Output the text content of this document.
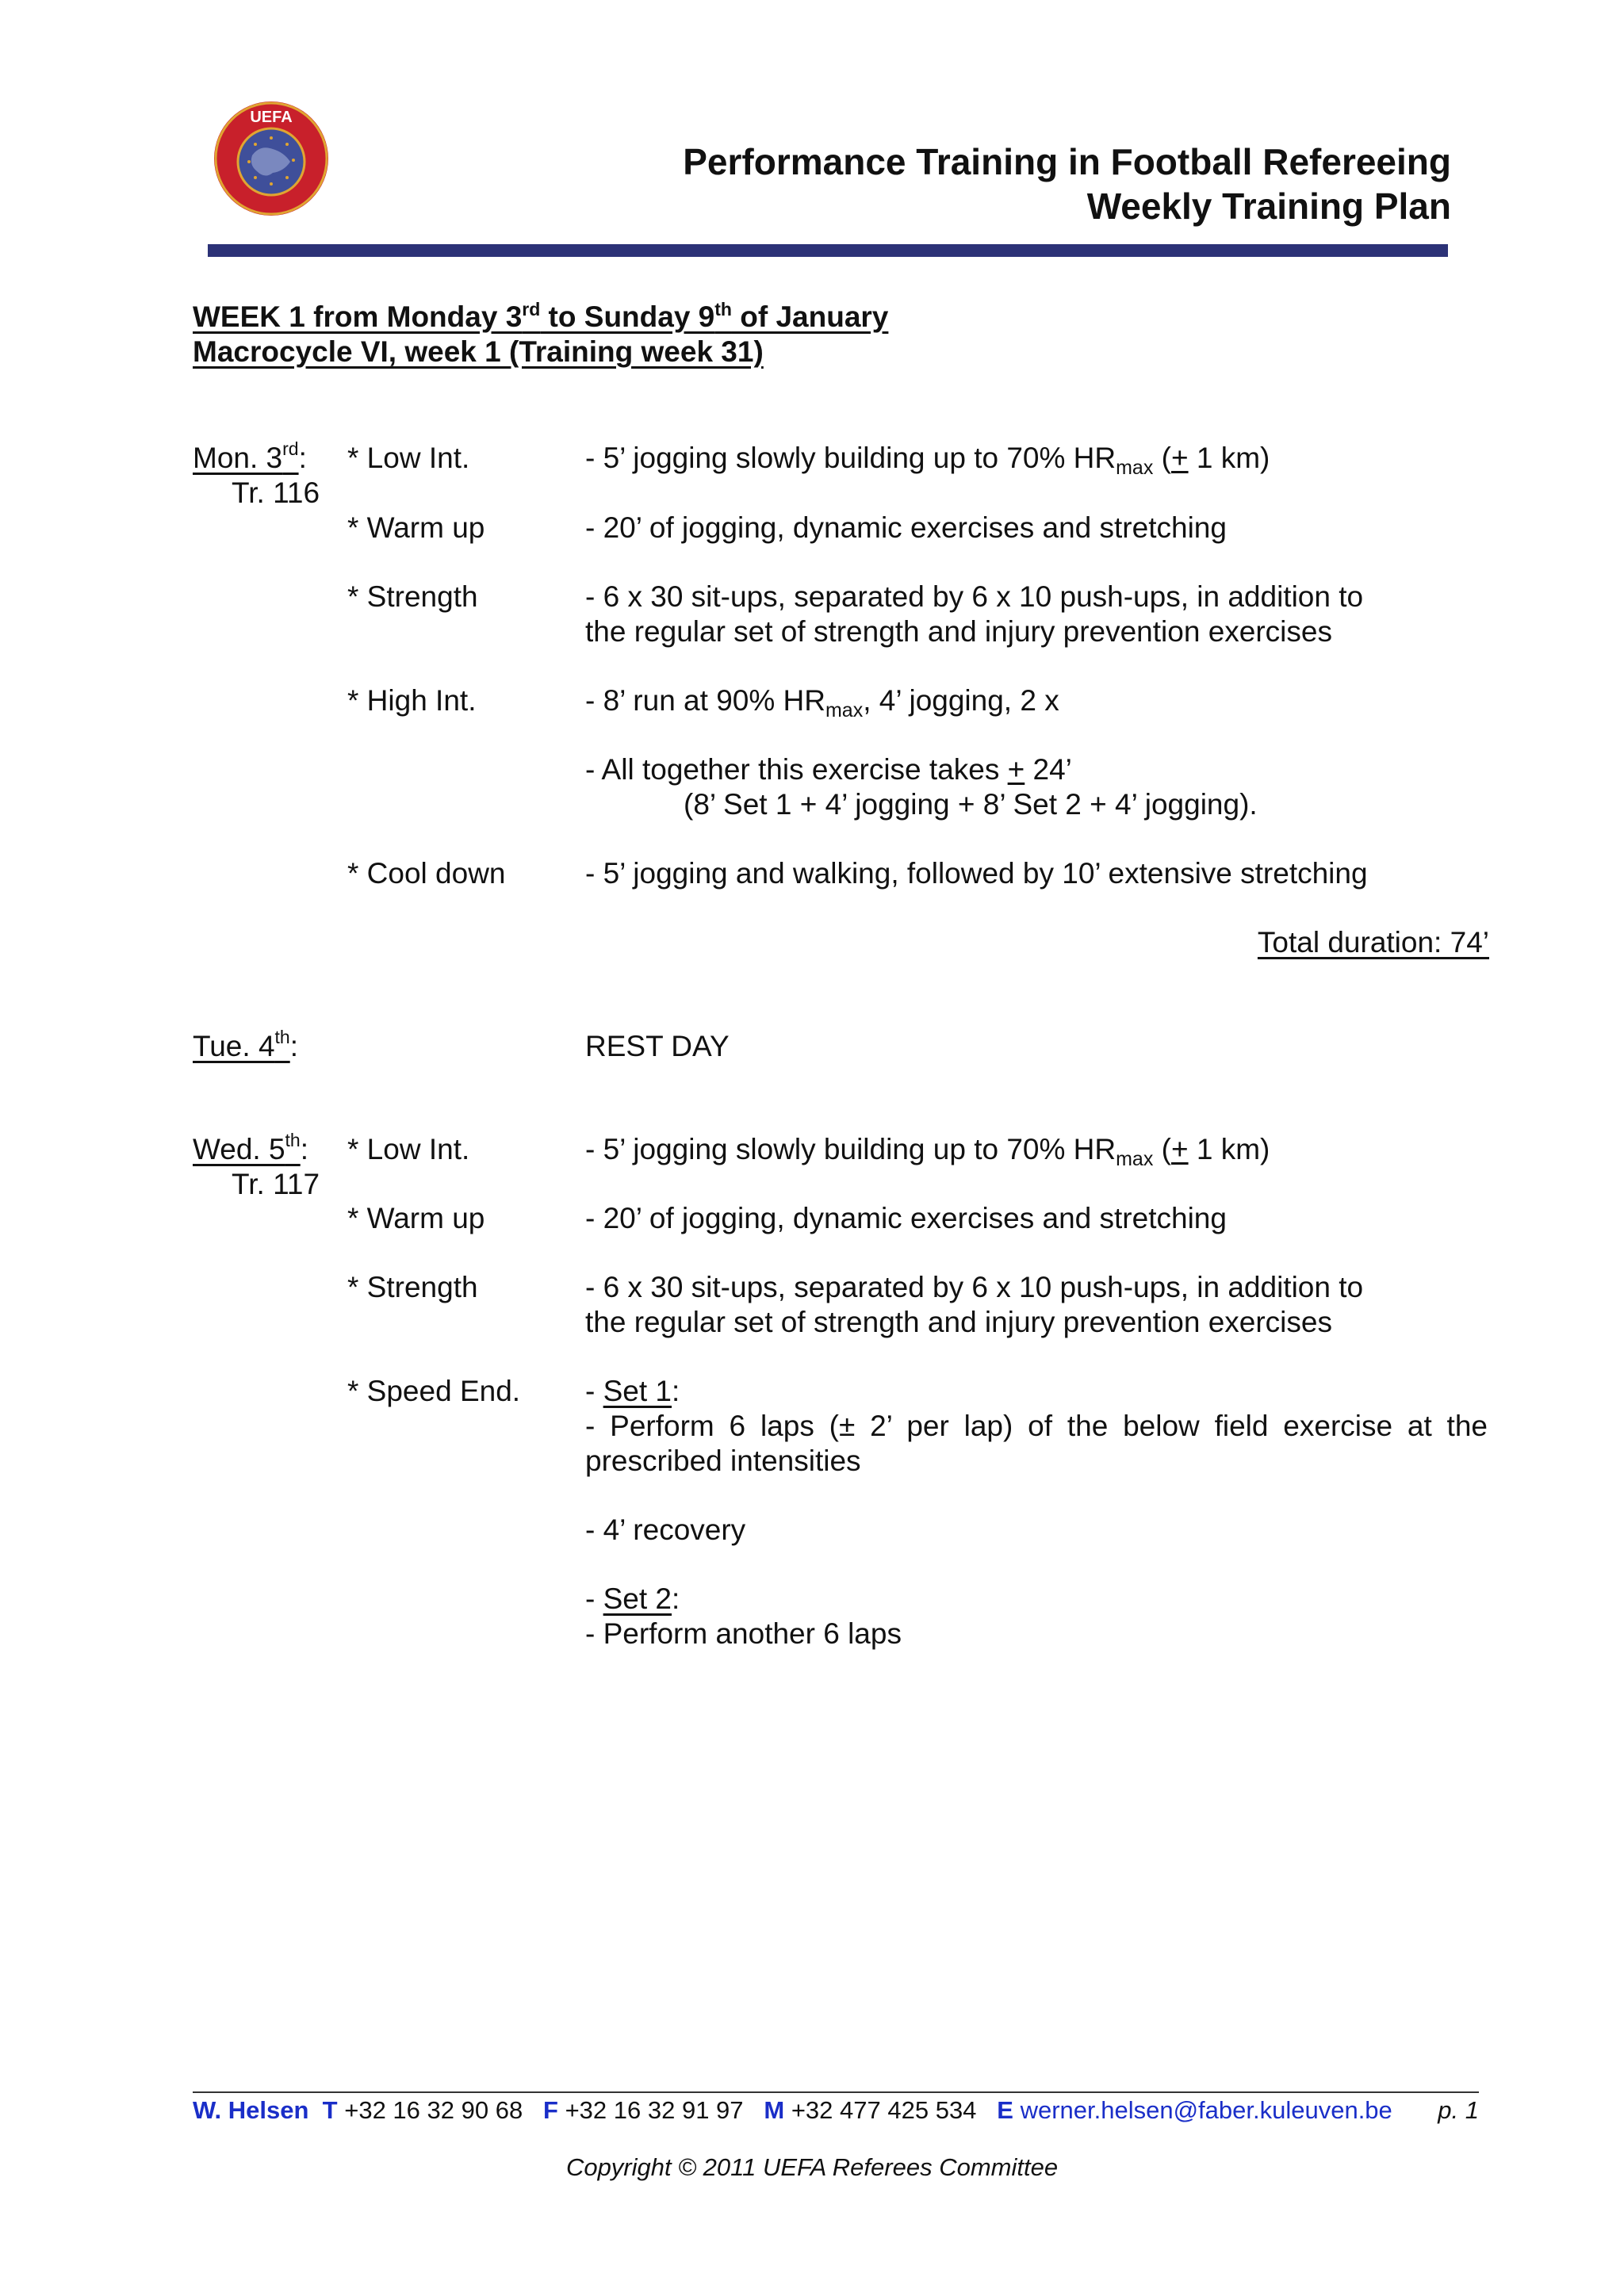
UEFA
Performance Training in Football Refereeing
Weekly Training Plan
WEEK 1 from Monday 3rd to Sunday 9th of January
Macrocycle VI, week 1 (Training week 31)
Mon. 3rd:
Tr. 116
* Low Int.	- 5’ jogging slowly building up to 70% $HR_{max}$ (+ 1 km)
* Warm up	- 20’ of jogging, dynamic exercises and stretching
* Strength	- 6 x 30 sit-ups, separated by 6 x 10 push-ups, in addition to
the regular set of strength and injury prevention exercises
* High Int.	- 8’ run at 90% $HR_{max}$, 4’ jogging, 2 x
- All together this exercise takes + 24’
(8’ Set 1 + 4’ jogging + 8’ Set 2 + 4’ jogging).
* Cool down	- 5’ jogging and walking, followed by 10’ extensive stretching
Total duration: 74’
Tue. 4th:	REST DAY
Wed. 5th:
Tr. 117
* Low Int.	- 5’ jogging slowly building up to 70% $HR_{max}$ (+ 1 km)
* Warm up	- 20’ of jogging, dynamic exercises and stretching
* Strength	- 6 x 30 sit-ups, separated by 6 x 10 push-ups, in addition to
the regular set of strength and injury prevention exercises
* Speed End. - Set 1:
- Perform 6 laps (± 2’ per lap) of the below field exercise at the
prescribed intensities
- 4’ recovery
- Set 2:
- Perform another 6 laps
W. Helsen T +32 16 32 90 68 F +32 16 32 91 97 M +32 477 425 534 E werner.helsen@faber.kuleuven.be p. 1
Copyright © 2011 UEFA Referees Committee
